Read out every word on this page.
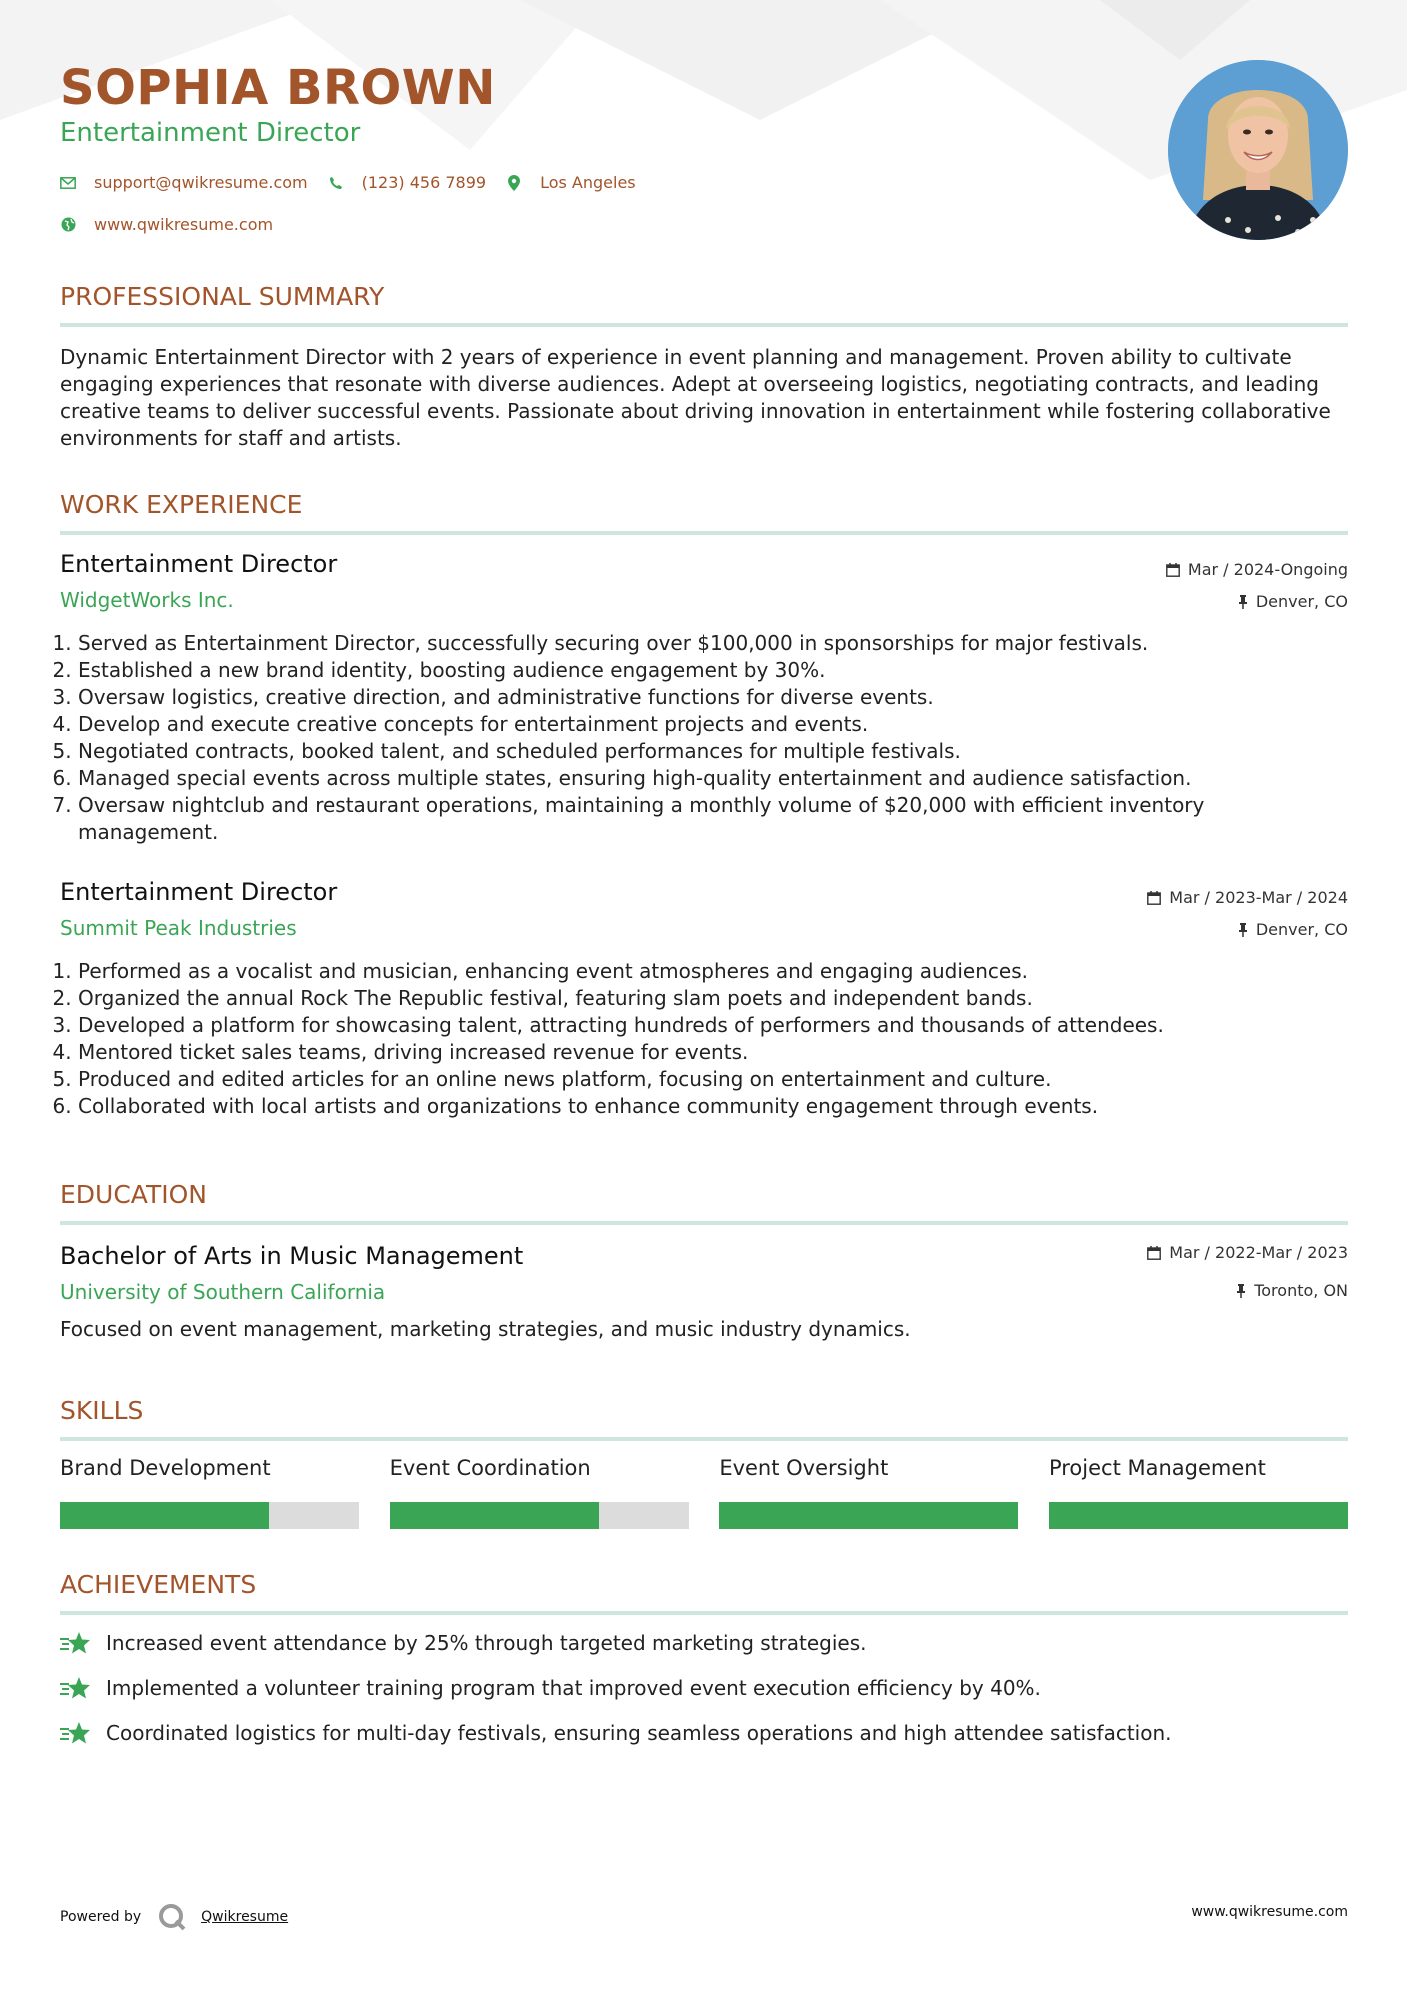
SOPHIA BROWN
Entertainment Director
support@qwikresume.com	(123) 456 7899	Los Angeles
www.qwikresume.com
PROFESSIONAL SUMMARY

Dynamic Entertainment Director with 2 years of experience in event planning and management. Proven ability to cultivate engaging experiences that resonate with diverse audiences. Adept at overseeing logistics, negotiating contracts, and leading creative teams to deliver successful events. Passionate about driving innovation in entertainment while fostering collaborative environments for staff and artists.

WORK EXPERIENCE
Entertainment Director	Mar / 2024-Ongoing
WidgetWorks Inc.	Denver, CO
1. Served as Entertainment Director, successfully securing over $100,000 in sponsorships for major festivals.
2. Established a new brand identity, boosting audience engagement by 30%.
3. Oversaw logistics, creative direction, and administrative functions for diverse events.
4. Develop and execute creative concepts for entertainment projects and events.
5. Negotiated contracts, booked talent, and scheduled performances for multiple festivals.
6. Managed special events across multiple states, ensuring high-quality entertainment and audience satisfaction.
7. Oversaw nightclub and restaurant operations, maintaining a monthly volume of $20,000 with efficient inventory management.
Entertainment Director	Mar / 2023-Mar / 2024
Summit Peak Industries	Denver, CO
1. Performed as a vocalist and musician, enhancing event atmospheres and engaging audiences.
2. Organized the annual Rock The Republic festival, featuring slam poets and independent bands.
3. Developed a platform for showcasing talent, attracting hundreds of performers and thousands of attendees.
4. Mentored ticket sales teams, driving increased revenue for events.
5. Produced and edited articles for an online news platform, focusing on entertainment and culture.
6. Collaborated with local artists and organizations to enhance community engagement through events.
EDUCATION
Bachelor of Arts in Music Management	Mar / 2022-Mar / 2023
University of Southern California	Toronto, ON

Focused on event management, marketing strategies, and music industry dynamics.

SKILLS
Brand Development	Event Coordination	Event Oversight	Project Management
ACHIEVEMENTS
Increased event attendance by 25% through targeted marketing strategies.
Implemented a volunteer training program that improved event execution efficiency by 40%.
Coordinated logistics for multi-day festivals, ensuring seamless operations and high attendee satisfaction.
Powered by	Qwikresume	www.qwikresume.com
